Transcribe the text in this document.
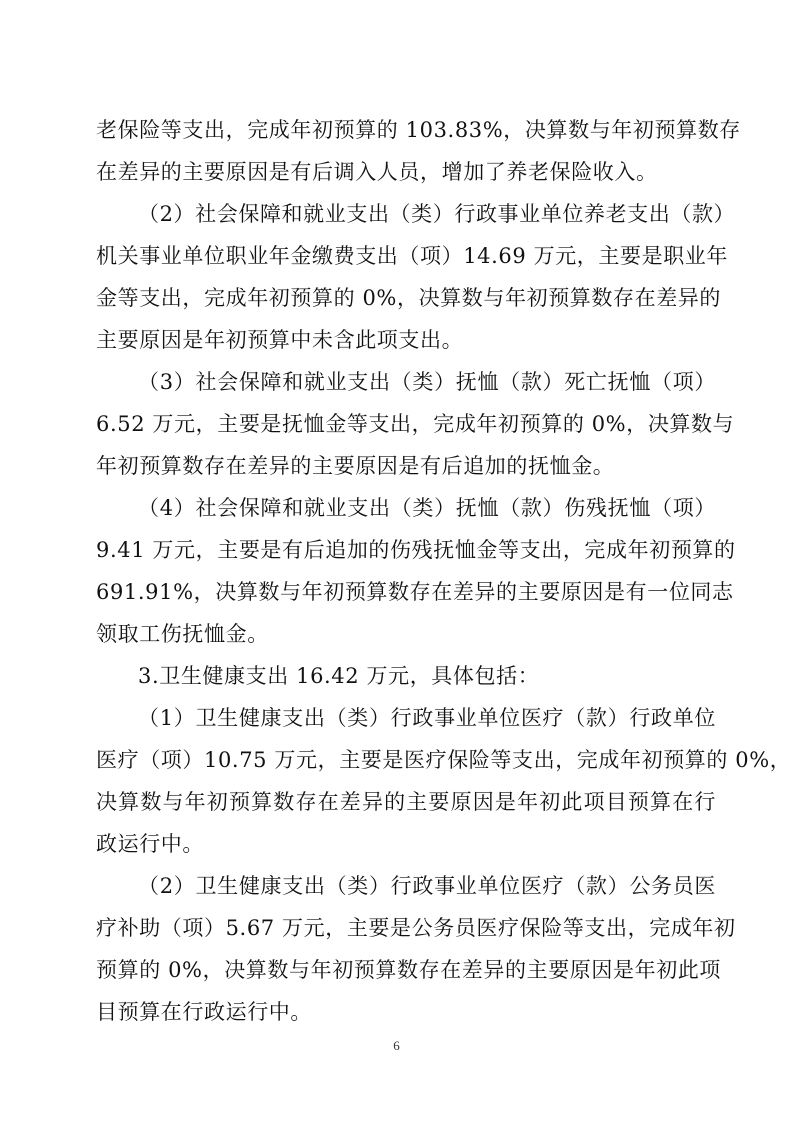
老保险等支出，完成年初预算的 103.83%，决算数与年初预算数存
在差异的主要原因是有后调入人员，增加了养老保险收入。
（2）社会保障和就业支出（类）行政事业单位养老支出（款）
机关事业单位职业年金缴费支出（项）14.69 万元，主要是职业年
金等支出，完成年初预算的 0%，决算数与年初预算数存在差异的
主要原因是年初预算中未含此项支出。
（3）社会保障和就业支出（类）抚恤（款）死亡抚恤（项）
6.52 万元，主要是抚恤金等支出，完成年初预算的 0%，决算数与
年初预算数存在差异的主要原因是有后追加的抚恤金。
（4）社会保障和就业支出（类）抚恤（款）伤残抚恤（项）
9.41 万元，主要是有后追加的伤残抚恤金等支出，完成年初预算的
691.91%，决算数与年初预算数存在差异的主要原因是有一位同志
领取工伤抚恤金。
3.卫生健康支出 16.42 万元，具体包括：
（1）卫生健康支出（类）行政事业单位医疗（款）行政单位
医疗（项）10.75 万元，主要是医疗保险等支出，完成年初预算的 0%，
决算数与年初预算数存在差异的主要原因是年初此项目预算在行
政运行中。
（2）卫生健康支出（类）行政事业单位医疗（款）公务员医
疗补助（项）5.67 万元，主要是公务员医疗保险等支出，完成年初
预算的 0%，决算数与年初预算数存在差异的主要原因是年初此项
目预算在行政运行中。
6
